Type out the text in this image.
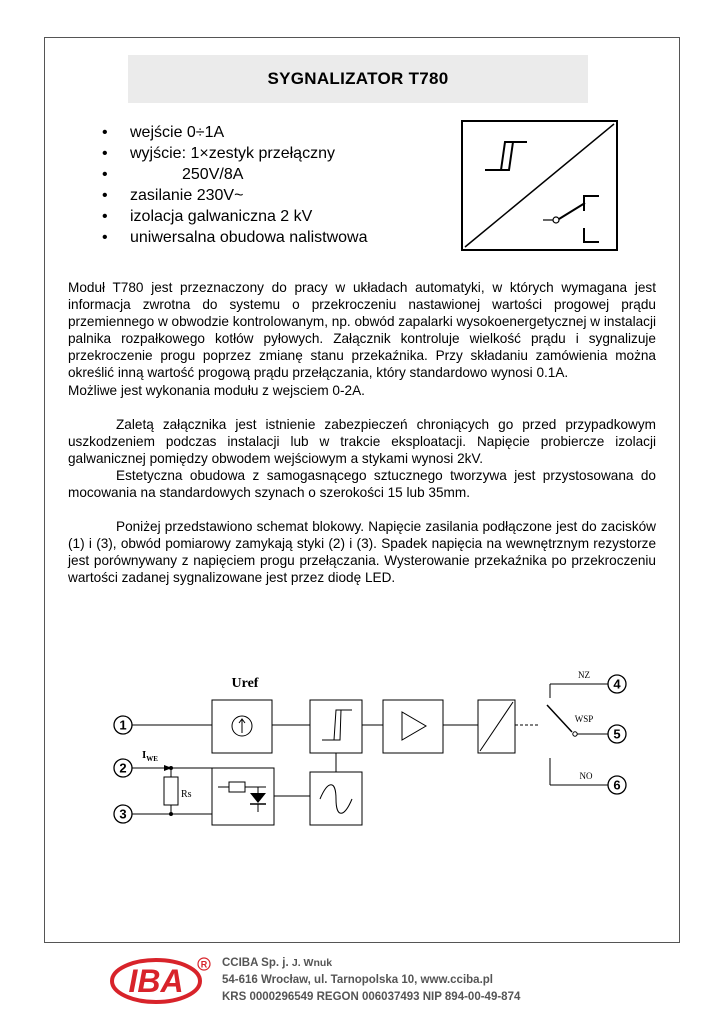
SYGNALIZATOR T780
• wejście 0÷1A
• wyjście: 1×zestyk przełączny
• 250V/8A
• zasilanie 230V~
• izolacja galwaniczna 2 kV
• uniwersalna obudowa nalistwowa

Moduł T780 jest przeznaczony do pracy w układach automatyki, w których wymagana jest informacja zwrotna do systemu o przekroczeniu nastawionej wartości progowej prądu przemiennego w obwodzie kontrolowanym, np. obwód zapalarki wysokoenergetycznej w instalacji palnika rozpałkowego kotłów pyłowych. Załącznik kontroluje wielkość prądu i sygnalizuje przekroczenie progu poprzez zmianę stanu przekaźnika. Przy składaniu zamówienia można określić inną wartość progową prądu przełączania, który standardowo wynosi 0.1A.

Możliwe jest wykonania modułu z wejsciem 0-2A.

Zaletą załącznika jest istnienie zabezpieczeń chroniących go przed przypadkowym uszkodzeniem podczas instalacji lub w trakcie eksploatacji. Napięcie probiercze izolacji galwanicznej pomiędzy obwodem wejściowym a stykami wynosi 2kV.

Estetyczna obudowa z samogasnącego sztucznego tworzywa jest przystosowana do mocowania na standardowych szynach o szerokości 15 lub 35mm.

Poniżej przedstawiono schemat blokowy. Napięcie zasilania podłączone jest do zacisków (1) i (3), obwód pomiarowy zamykają styki (2) i (3). Spadek napięcia na wewnętrznym rezystorze jest porównywany z napięciem progu przełączania. Wysterowanie przekaźnika po przekroczeniu wartości zadanej sygnalizowane jest przez diodę LED.

1
Uref
NZ
WSP
NO
4
5
6
2
3
$I_{WE}$
Rs
IBA R CCIBA Sp. j. J. Wnuk
54-616 Wrocław, ul. Tarnopolska 10, www.cciba.pl
KRS 0000296549 REGON 006037493 NIP 894-00-49-874
